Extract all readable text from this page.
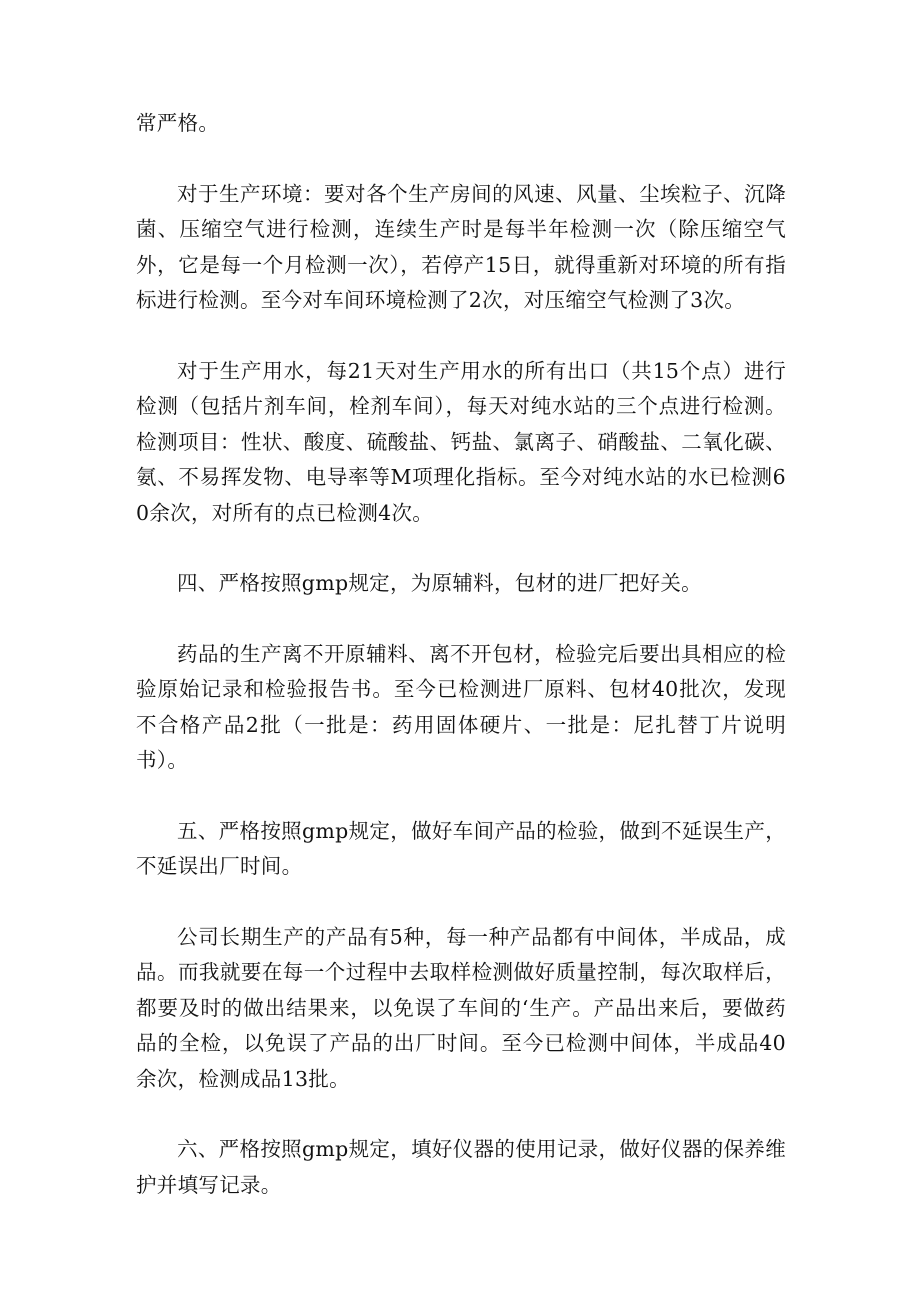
常严格。

对于生产环境：要对各个生产房间的风速、风量、尘埃粒子、沉降菌、压缩空气进行检测，连续生产时是每半年检测一次（除压缩空气外，它是每一个月检测一次），若停产15日，就得重新对环境的所有指标进行检测。至今对车间环境检测了2次，对压缩空气检测了3次。

对于生产用水，每21天对生产用水的所有出口（共15个点）进行检测（包括片剂车间，栓剂车间），每天对纯水站的三个点进行检测。检测项目：性状、酸度、硫酸盐、钙盐、氯离子、硝酸盐、二氧化碳、氨、不易挥发物、电导率等M项理化指标。至今对纯水站的水已检测60余次，对所有的点已检测4次。

四、严格按照gmp规定，为原辅料，包材的进厂把好关。

药品的生产离不开原辅料、离不开包材，检验完后要出具相应的检验原始记录和检验报告书。至今已检测进厂原料、包材40批次，发现不合格产品2批（一批是：药用固体硬片、一批是：尼扎替丁片说明书）。

五、严格按照gmp规定，做好车间产品的检验，做到不延误生产，不延误出厂时间。

公司长期生产的产品有5种，每一种产品都有中间体，半成品，成品。而我就要在每一个过程中去取样检测做好质量控制，每次取样后，都要及时的做出结果来，以免误了车间的‘生产。产品出来后，要做药品的全检，以免误了产品的出厂时间。至今已检测中间体，半成品40余次，检测成品13批。

六、严格按照gmp规定，填好仪器的使用记录，做好仪器的保养维护并填写记录。
